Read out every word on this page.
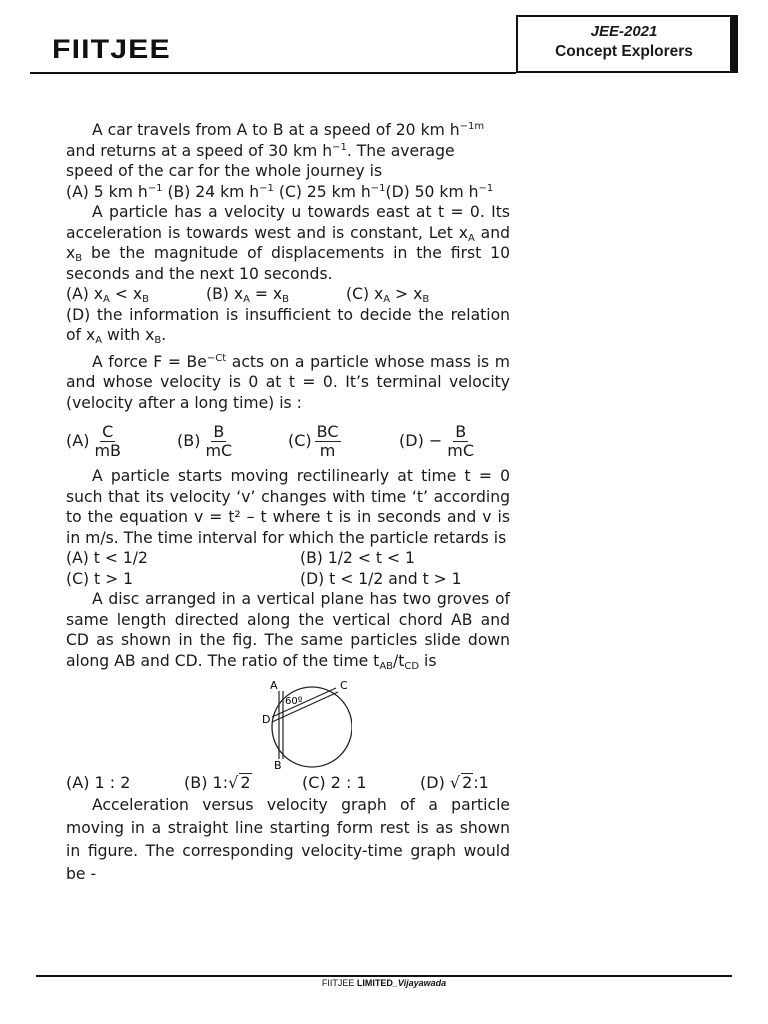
FIITJEE
JEE-2021
Concept Explorers
A car travels from A to B at a speed of 20 km $h^{-1m}$
and returns at a speed of 30 km $h^{-1}$. The average
speed of the car for the whole journey is
(A) 5 km $h^{-1}$ (B) 24 km $h^{-1}$ (C) 25 km $h^{-1}(D)$ 50 km $h^{-1}$
A particle has a velocity u towards east at t = 0. Its acceleration is towards west and is constant, Let $x_A$ and $x_B$ be the magnitude of displacements in the first 10 seconds and the next 10 seconds.
(A) $x_A < x_B$	(B) $x_A = x_B$	(C) $x_A > x_B$
(D) the information is insufficient to decide the relation of $x_A$ with $x_B$.
A force $F = Be^{-Ct}$ acts on a particle whose mass is m and whose velocity is 0 at t = 0. It’s terminal velocity (velocity after a long time) is :
$(A) \frac{C}{mB}$	$(B) \frac{B}{mC}$	$(C) \frac{BC}{m}$	$(D) - \frac{B}{mC}$
A particle starts moving rectilinearly at time t = 0 such that its velocity ‘v’ changes with time ‘t’ according to the equation v = t² – t where t is in seconds and v is in m/s. The time interval for which the particle retards is
(A) t < 1/2	(B) 1/2 < t < 1
(C) t > 1	(D) t < 1/2 and t > 1
A disc arranged in a vertical plane has two groves of same length directed along the vertical chord AB and CD as shown in the fig. The same particles slide down along AB and CD. The ratio of the time $t_{AB}/t_{CD}$ is
A	C
D
B
60º
(A) 1 : 2	(B) 1:√ 2	(C) 2 : 1	(D) √ 2:1
Acceleration versus velocity graph of a particle moving in a straight line starting form rest is as shown in figure. The corresponding velocity-time graph would be -
FIITJEE LIMITED_Vijayawada
